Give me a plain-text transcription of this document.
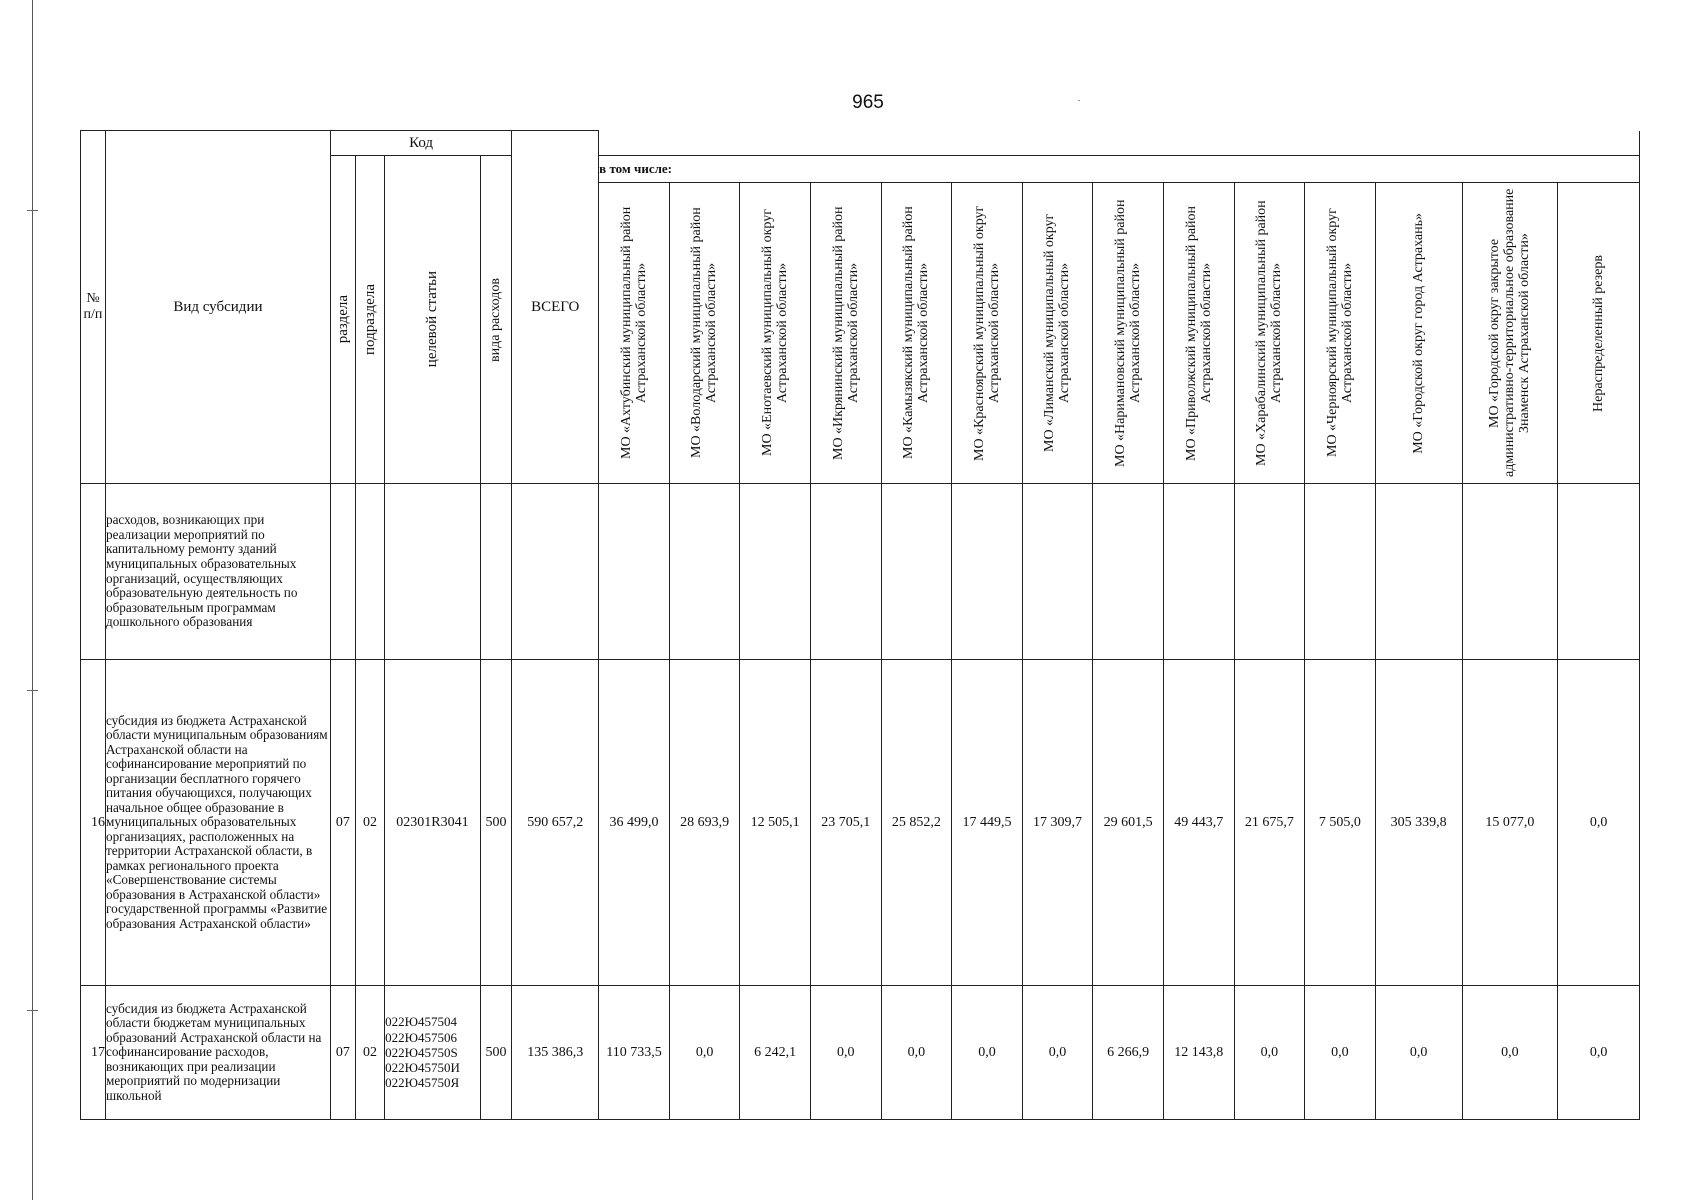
965
№ п/п	Вид субсидии	Код				ВСЕГО														

		раздела	подраздела	целевой статьи	вида расходов		в том числе:													

							МО «Ахтубинский муниципальный район Астраханской области»	МО «Володарский муниципальный район Астраханской области»	МО «Енотаевский муниципальный округ Астраханской области»	МО «Икрянинский муниципальный район Астраханской области»	МО «Камызякский муниципальный район Астраханской области»	МО «Красноярский муниципальный округ Астраханской области»	МО «Лиманский муниципальный округ Астраханской области»	МО «Наримановский муниципальный район Астраханской области»	МО «Приволжский муниципальный район Астраханской области»	МО «Харабалинский муниципальный район Астраханской области»	МО «Черноярский муниципальный округ Астраханской области»	МО «Городской округ город Астрахань»	МО «Городской округ закрытое административно-территориальное образование Знаменск Астраханской области»	Нераспределенный резерв

	расходов, возникающих при реализации мероприятий по капитальному ремонту зданий муниципальных образовательных организаций, осуществляющих образовательную деятельность по образовательным программам дошкольного образования																			
16	субсидия из бюджета Астраханской области муниципальным образованиям Астраханской области на софинансирование мероприятий по организации бесплатного горячего питания обучающихся, получающих начальное общее образование в муниципальных образовательных организациях, расположенных на территории Астраханской области, в рамках регионального проекта «Совершенствование системы образования в Астраханской области» государственной программы «Развитие образования Астраханской области»	07	02	02301R3041	500	590 657,2	36 499,0	28 693,9	12 505,1	23 705,1	25 852,2	17 449,5	17 309,7	29 601,5	49 443,7	21 675,7	7 505,0	305 339,8	15 077,0	0,0
17	субсидия из бюджета Астраханской области бюджетам муниципальных образований Астраханской области на софинансирование расходов, возникающих при реализации мероприятий по модернизации школьной	07	02	022Ю457504
022Ю457506
022Ю45750S
022Ю45750И
022Ю45750Я	500	135 386,3	110 733,5	0,0	6 242,1	0,0	0,0	0,0	0,0	6 266,9	12 143,8	0,0	0,0	0,0	0,0	0,0
